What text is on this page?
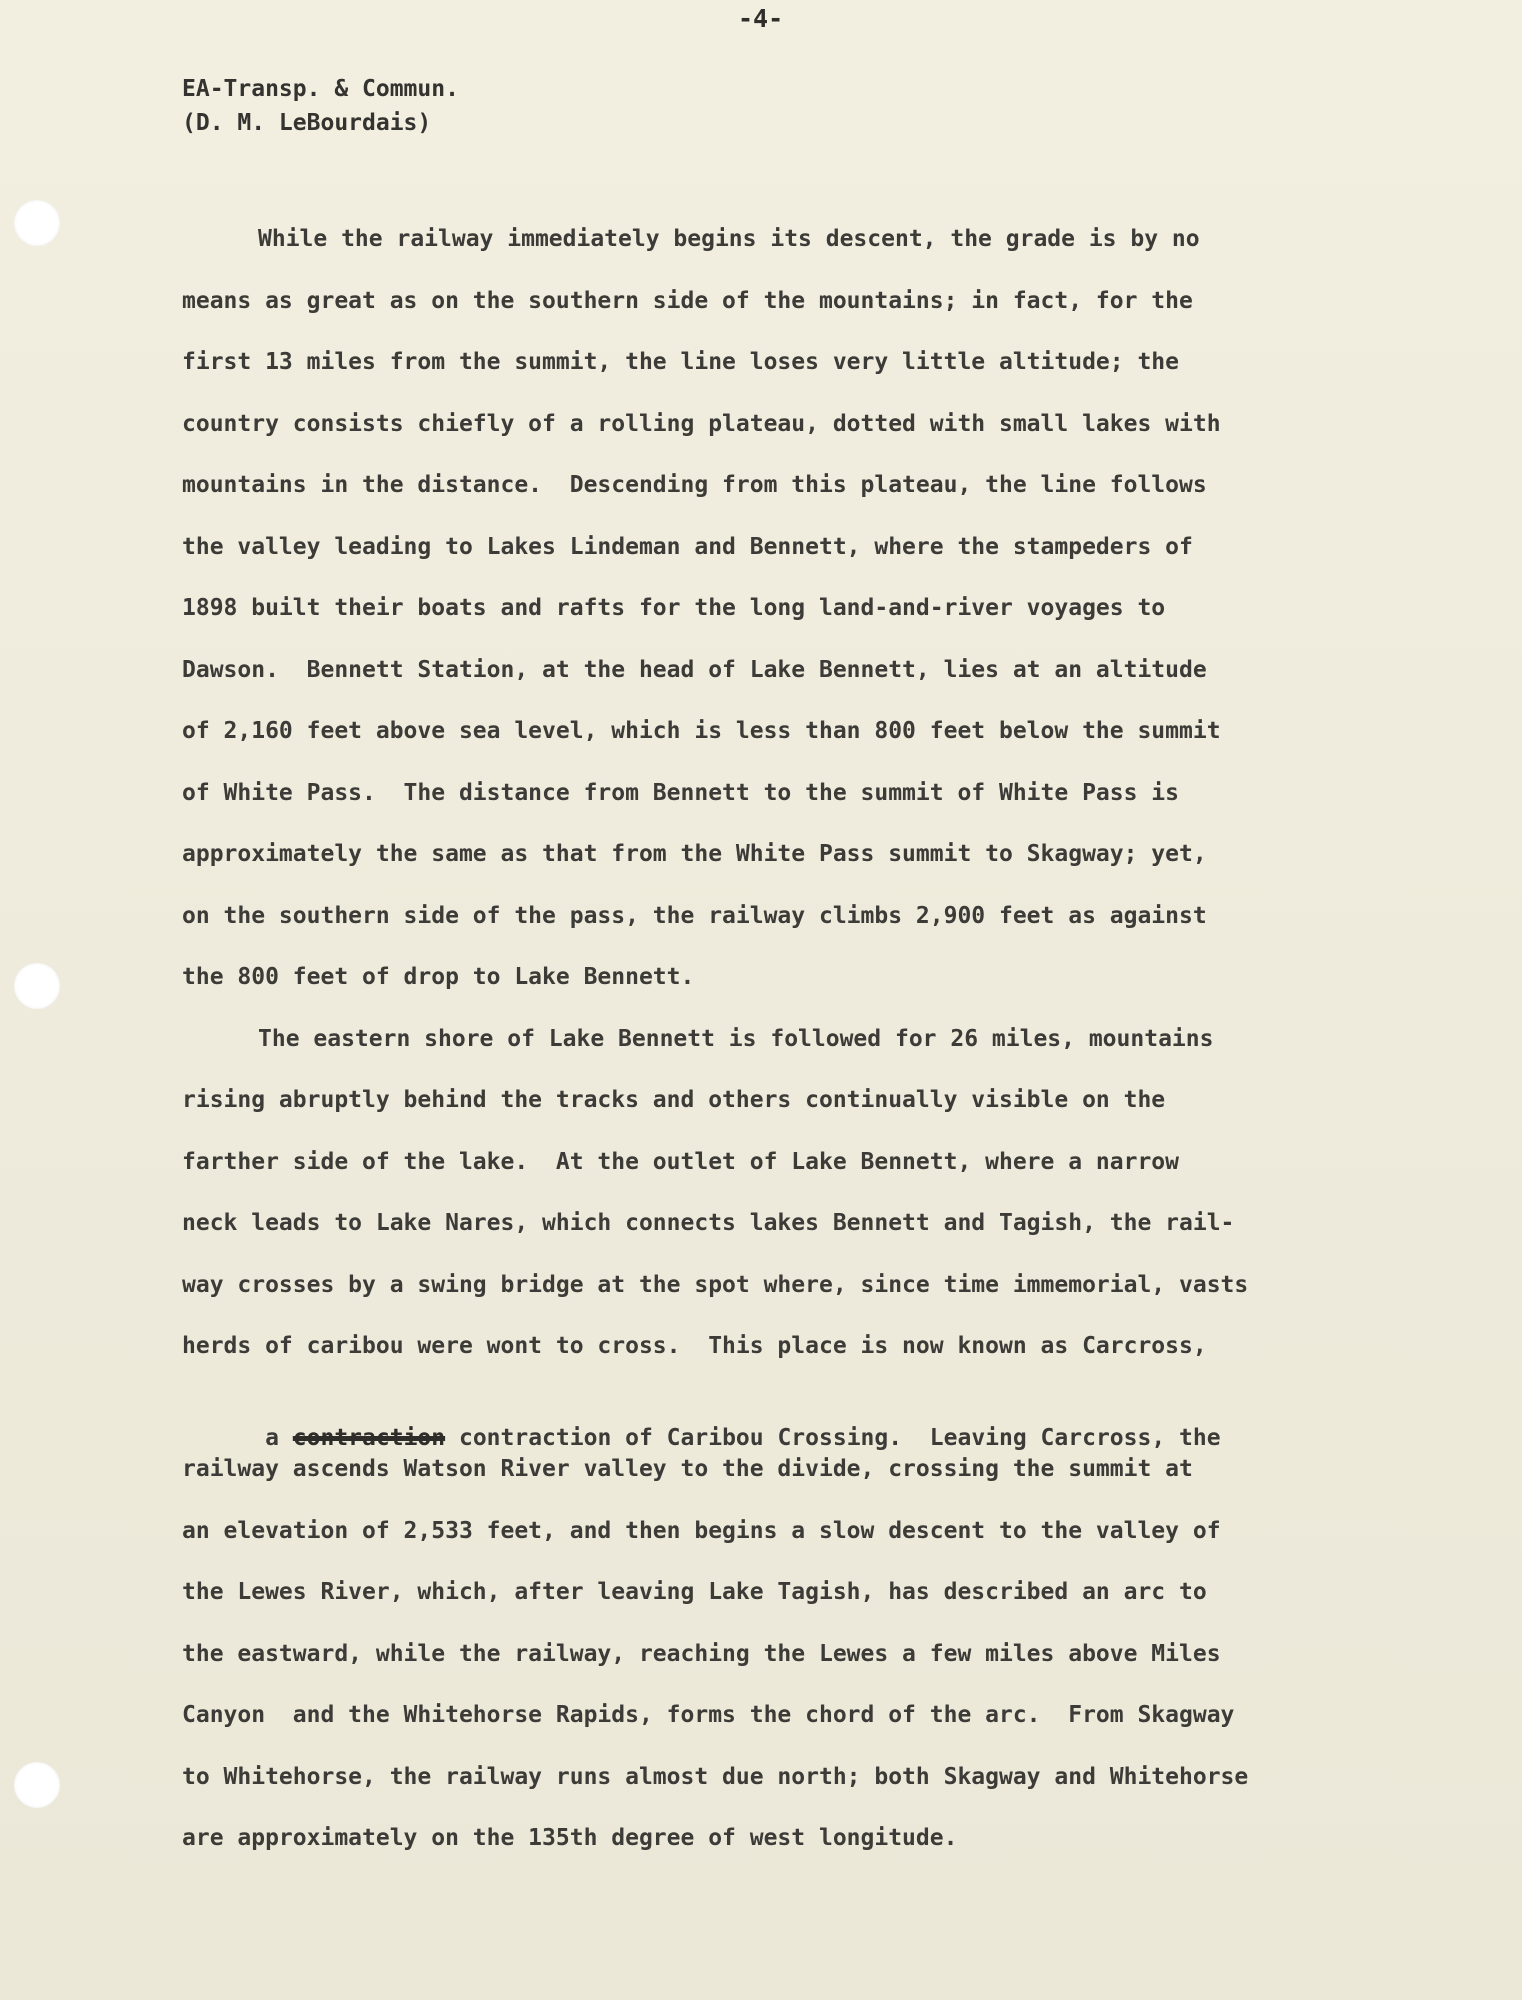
-4-
EA-Transp. & Commun.
(D. M. LeBourdais)
While the railway immediately begins its descent, the grade is by no
means as great as on the southern side of the mountains; in fact, for the
first 13 miles from the summit, the line loses very little altitude; the
country consists chiefly of a rolling plateau, dotted with small lakes with
mountains in the distance.  Descending from this plateau, the line follows
the valley leading to Lakes Lindeman and Bennett, where the stampeders of
1898 built their boats and rafts for the long land-and-river voyages to
Dawson.  Bennett Station, at the head of Lake Bennett, lies at an altitude
of 2,160 feet above sea level, which is less than 800 feet below the summit
of White Pass.  The distance from Bennett to the summit of White Pass is
approximately the same as that from the White Pass summit to Skagway; yet,
on the southern side of the pass, the railway climbs 2,900 feet as against
the 800 feet of drop to Lake Bennett.
The eastern shore of Lake Bennett is followed for 26 miles, mountains
rising abruptly behind the tracks and others continually visible on the
farther side of the lake.  At the outlet of Lake Bennett, where a narrow
neck leads to Lake Nares, which connects lakes Bennett and Tagish, the rail-
way crosses by a swing bridge at the spot where, since time immemorial, vasts
herds of caribou were wont to cross.  This place is now known as Carcross,

a contraction contraction of Caribou Crossing.  Leaving Carcross, the

railway ascends Watson River valley to the divide, crossing the summit at
an elevation of 2,533 feet, and then begins a slow descent to the valley of
the Lewes River, which, after leaving Lake Tagish, has described an arc to
the eastward, while the railway, reaching the Lewes a few miles above Miles
Canyon  and the Whitehorse Rapids, forms the chord of the arc.  From Skagway
to Whitehorse, the railway runs almost due north; both Skagway and Whitehorse
are approximately on the 135th degree of west longitude.
